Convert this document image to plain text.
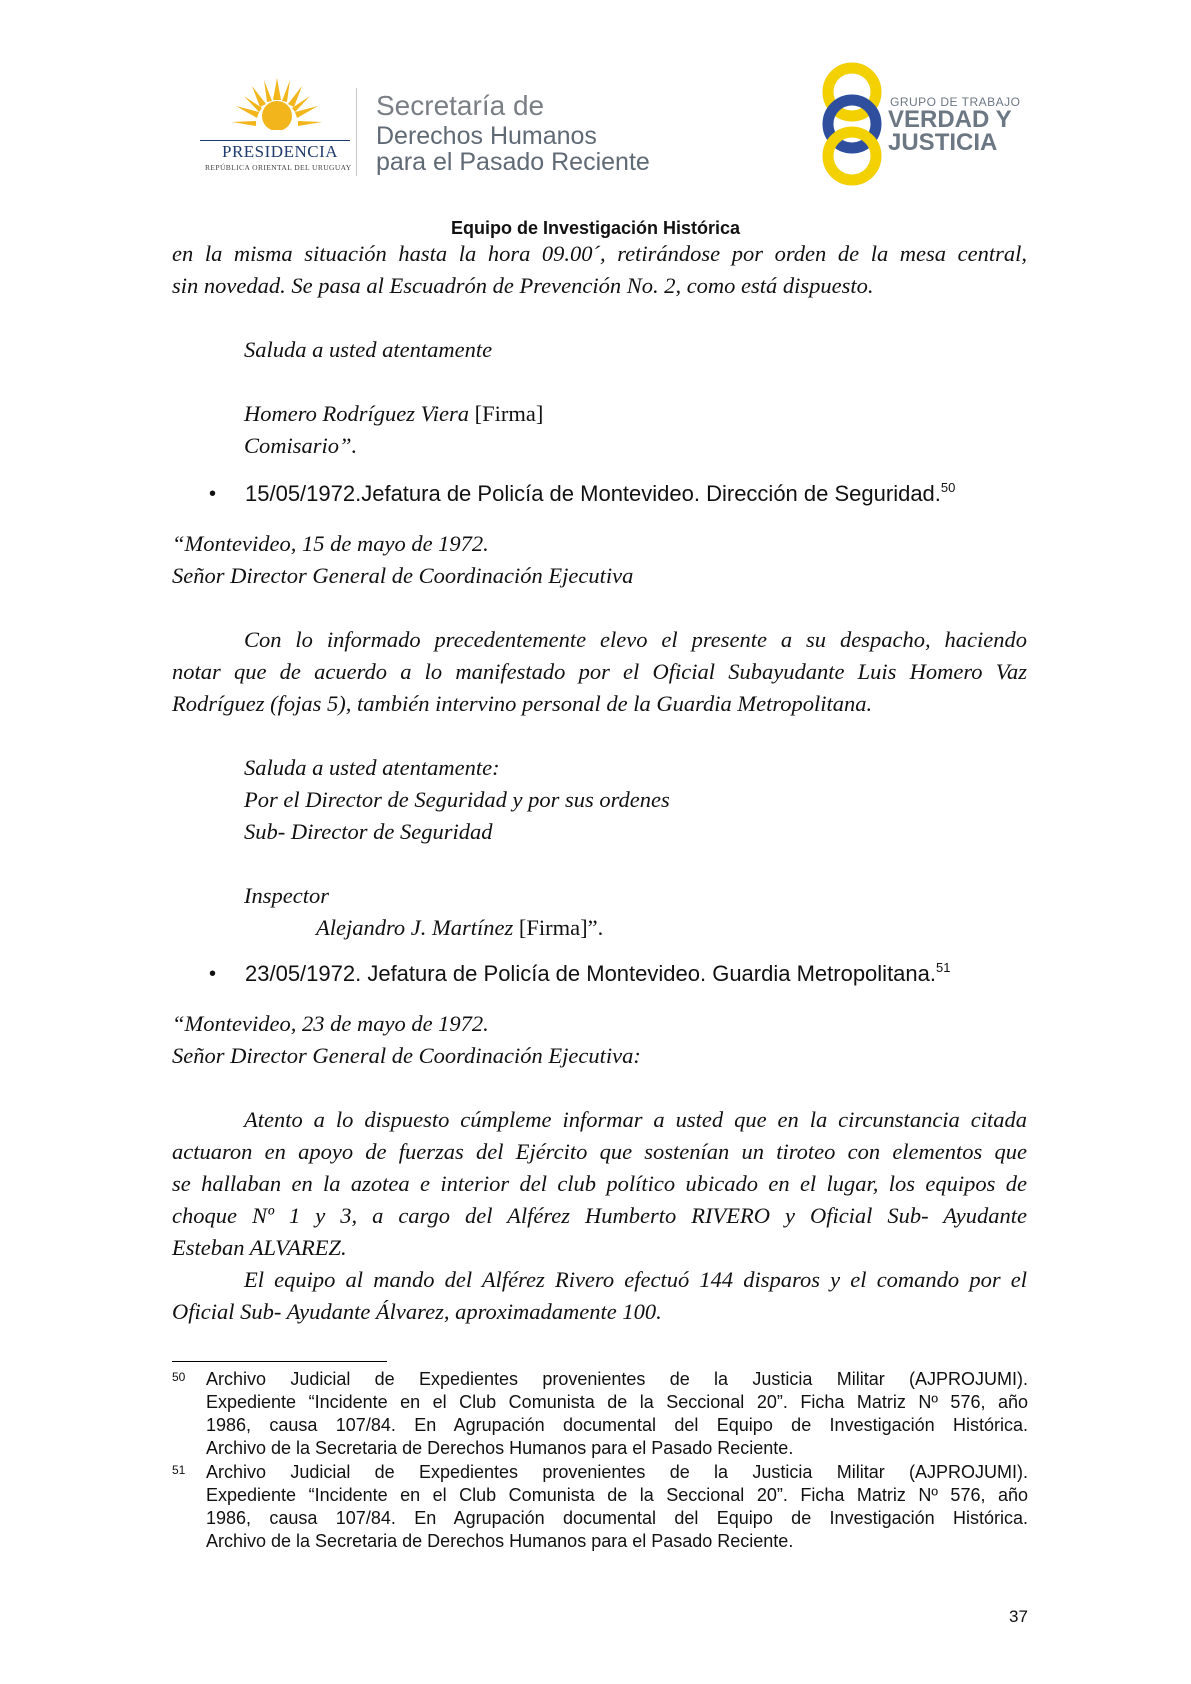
PRESIDENCIA
REPÚBLICA ORIENTAL DEL URUGUAY
Secretaría de
Derechos Humanos
para el Pasado Reciente
GRUPO DE TRABAJO
VERDAD Y
JUSTICIA
Equipo de Investigación Histórica
en la misma situación hasta la hora 09.00´, retirándose por orden de la mesa central,
sin novedad. Se pasa al Escuadrón de Prevención No. 2, como está dispuesto.
Saluda a usted atentamente
Homero Rodríguez Viera [Firma]
Comisario”.
• 15/05/1972.Jefatura de Policía de Montevideo. Dirección de Seguridad.$^{50}$
“Montevideo, 15 de mayo de 1972.
Señor Director General de Coordinación Ejecutiva
Con lo informado precedentemente elevo el presente a su despacho, haciendo
notar que de acuerdo a lo manifestado por el Oficial Subayudante Luis Homero Vaz
Rodríguez (fojas 5), también intervino personal de la Guardia Metropolitana.
Saluda a usted atentamente:
Por el Director de Seguridad y por sus ordenes
Sub- Director de Seguridad
Inspector
Alejandro J. Martínez [Firma]”.
• 23/05/1972. Jefatura de Policía de Montevideo. Guardia Metropolitana.$^{51}$
“Montevideo, 23 de mayo de 1972.
Señor Director General de Coordinación Ejecutiva:
Atento a lo dispuesto cúmpleme informar a usted que en la circunstancia citada
actuaron en apoyo de fuerzas del Ejército que sostenían un tiroteo con elementos que
se hallaban en la azotea e interior del club político ubicado en el lugar, los equipos de
choque Nº 1 y 3, a cargo del Alférez Humberto RIVERO y Oficial Sub- Ayudante
Esteban ALVAREZ.
El equipo al mando del Alférez Rivero efectuó 144 disparos y el comando por el
Oficial Sub- Ayudante Álvarez, aproximadamente 100.
50 Archivo Judicial de Expedientes provenientes de la Justicia Militar (AJPROJUMI).
Expediente “Incidente en el Club Comunista de la Seccional 20”. Ficha Matriz Nº 576, año
1986, causa 107/84. En Agrupación documental del Equipo de Investigación Histórica.
Archivo de la Secretaria de Derechos Humanos para el Pasado Reciente.
51 Archivo Judicial de Expedientes provenientes de la Justicia Militar (AJPROJUMI).
Expediente “Incidente en el Club Comunista de la Seccional 20”. Ficha Matriz Nº 576, año
1986, causa 107/84. En Agrupación documental del Equipo de Investigación Histórica.
Archivo de la Secretaria de Derechos Humanos para el Pasado Reciente.
37
